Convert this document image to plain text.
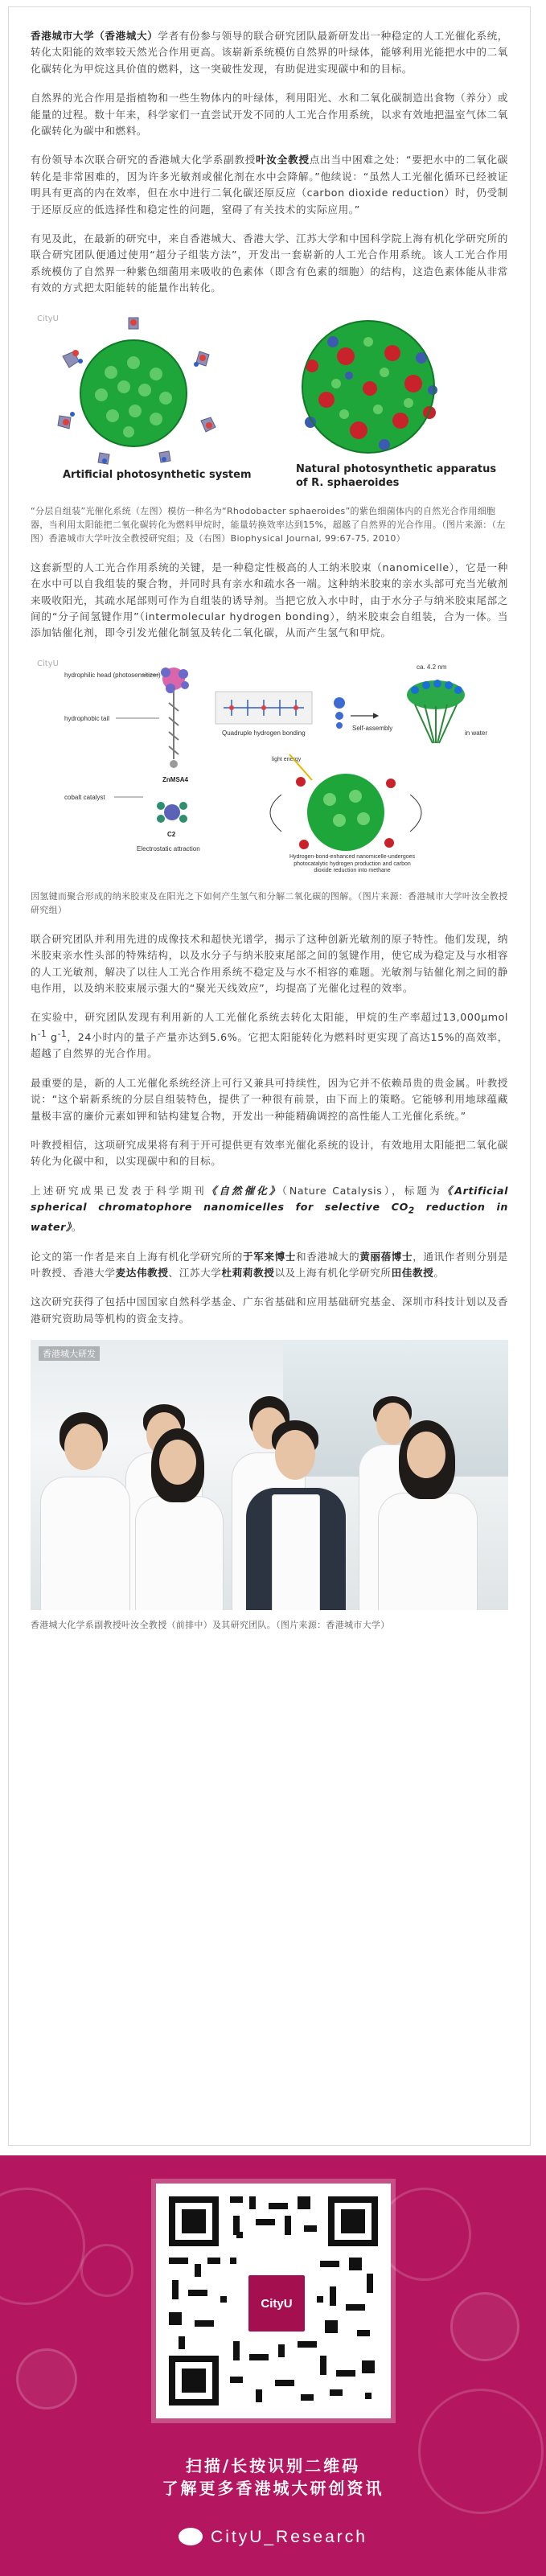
香港城市大学（香港城大）学者有份参与领导的联合研究团队最新研发出一种稳定的人工光催化系统，转化太阳能的效率较天然光合作用更高。该崭新系统模仿自然界的叶绿体，能够利用光能把水中的二氧化碳转化为甲烷这具价值的燃料，这一突破性发现，有助促进实现碳中和的目标。

自然界的光合作用是指植物和一些生物体内的叶绿体，利用阳光、水和二氧化碳制造出食物（养分）或能量的过程。数十年来，科学家们一直尝试开发不同的人工光合作用系统，以求有效地把温室气体二氧化碳转化为碳中和燃料。

有份领导本次联合研究的香港城大化学系副教授叶汝全教授点出当中困难之处：“要把水中的二氧化碳转化是非常困难的，因为许多光敏剂或催化剂在水中会降解。”他续说：“虽然人工光催化循环已经被证明具有更高的内在效率，但在水中进行二氧化碳还原反应（carbon dioxide reduction）时，仍受制于还原反应的低选择性和稳定性的问题，窒碍了有关技术的实际应用。”

有见及此，在最新的研究中，来自香港城大、香港大学、江苏大学和中国科学院上海有机化学研究所的联合研究团队便通过使用“超分子组装方法”，开发出一套崭新的人工光合作用系统。该人工光合作用系统模仿了自然界一种紫色细菌用来吸收的色素体（即含有色素的细胞）的结构，这造色素体能从非常有效的方式把太阳能转的能量作出转化。

CityU
Artificial photosynthetic system	Natural photosynthetic apparatus
of R. sphaeroides

“分层自组装”光催化系统（左图）模仿一种名为“Rhodobacter sphaeroides”的紫色细菌体内的自然光合作用细胞器，当利用太阳能把二氧化碳转化为燃料甲烷时，能量转换效率达到15%，超越了自然界的光合作用。（图片来源：（左图）香港城市大学叶汝全教授研究组；及（右图）Biophysical Journal, 99:67-75, 2010）

这套新型的人工光合作用系统的关键，是一种稳定性极高的人工纳米胶束（nanomicelle），它是一种在水中可以自我组装的聚合物，并同时具有亲水和疏水各一端。这种纳米胶束的亲水头部可充当光敏剂来吸收阳光，其疏水尾部则可作为自组装的诱导剂。当把它放入水中时，由于水分子与纳米胶束尾部之间的“分子间氢键作用”（intermolecular hydrogen bonding），纳米胶束会自组装，合为一体。当添加钴催化剂，即令引发光催化制氢及转化二氧化碳，从而产生氢气和甲烷。

CityU
hydrophilic head (photosensitizer)
hydrophobic tail
cobalt catalyst
ZnMSA4
C2
Electrostatic attraction
Quadruple hydrogen bonding
Self-assembly
ca. 4.2 nm
in water
light energy
Hydrogen-bond-enhanced nanomicelle-undergoes photocatalytic hydrogen production and carbon dioxide reduction into methane

因氢键而聚合形成的纳米胶束及在阳光之下如何产生氢气和分解二氧化碳的图解。（图片来源：香港城市大学叶汝全教授研究组）

联合研究团队并利用先进的成像技术和超快光谱学，揭示了这种创新光敏剂的原子特性。他们发现，纳米胶束亲水性头部的特殊结构，以及水分子与纳米胶束尾部之间的氢键作用，使它成为稳定及与水相容的人工光敏剂，解决了以往人工光合作用系统不稳定及与水不相容的难题。光敏剂与钴催化剂之间的静电作用，以及纳米胶束展示强大的“聚光天线效应”，均提高了光催化过程的效率。

在实验中，研究团队发现有利用新的人工光催化系统去转化太阳能，甲烷的生产率超过13,000μmol $h^{-1}$ $g^{-1}$，24小时内的量子产量亦达到5.6%。它把太阳能转化为燃料时更实现了高达15%的高效率，超越了自然界的光合作用。

最重要的是，新的人工光催化系统经济上可行又兼具可持续性，因为它并不依赖昂贵的贵金属。叶教授说：“这个崭新系统的分层自组装特色，提供了一种很有前景，由下而上的策略。它能够利用地球蕴藏量极丰富的廉价元素如钾和钴构建复合物，开发出一种能精确调控的高性能人工光催化系统。”

叶教授相信，这项研究成果将有利于开可提供更有效率光催化系统的设计，有效地用太阳能把二氧化碳转化为化碳中和，以实现碳中和的目标。

上述研究成果已发表于科学期刊《自然催化》（Nature Catalysis），标题为《Artificial spherical chromatophore nanomicelles for selective $CO_2$ reduction in water》。

论文的第一作者是来自上海有机化学研究所的于军来博士和香港城大的黄丽蓓博士，通讯作者则分别是叶教授、香港大学麦达伟教授、江苏大学杜莉莉教授以及上海有机化学研究所田佳教授。

这次研究获得了包括中国国家自然科学基金、广东省基础和应用基础研究基金、深圳市科技计划以及香港研究资助局等机构的资金支持。

香港城大研发

香港城大化学系副教授叶汝全教授（前排中）及其研究团队。（图片来源：香港城市大学）

CityU
扫描/长按识别二维码
了解更多香港城大研创资讯
CityU_Research
